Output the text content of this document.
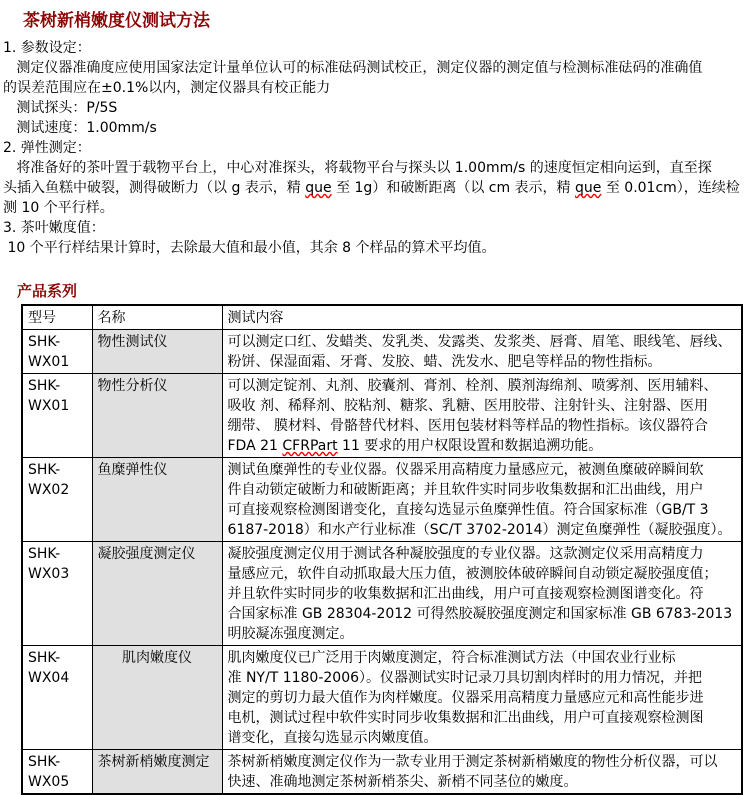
茶树新梢嫩度仪测试方法
1. 参数设定：
测定仪器准确度应使用国家法定计量单位认可的标准砝码测试校正，测定仪器的测定值与检测标准砝码的准确值
的误差范围应在±0.1%以内，测定仪器具有校正能力
测试探头：P/5S
测试速度：1.00mm/s
2. 弹性测定：
将准备好的茶叶置于载物平台上，中心对准探头，将载物平台与探头以 1.00mm/s 的速度恒定相向运到，直至探
头插入鱼糕中破裂，测得破断力（以 g 表示，精 que 至 1g）和破断距离（以 cm 表示，精 que 至 0.01cm），连续检
测 10 个平行样。
3. 茶叶嫩度值：
10 个平行样结果计算时，去除最大值和最小值，其余 8 个样品的算术平均值。
产品系列
型号	名称	测试内容
SHK-WX01	物性测试仪	可以测定口红、发蜡类、发乳类、发露类、发浆类、唇膏、眉笔、眼线笔、唇线、
粉饼、保湿面霜、牙膏、发胶、蜡、洗发水、肥皂等样品的物性指标。
SHK-WX01	物性分析仪	可以测定锭剂、丸剂、胶囊剂、膏剂、栓剂、膜剂海绵剂、喷雾剂、医用辅料、
吸收 剂、稀释剂、胶粘剂、糖浆、乳糖、医用胶带、注射针头、注射器、医用
绷带、 膜材料、骨骼替代材料、医用包装材料等样品的物性指标。该仪器符合
FDA 21 CFRPart 11 要求的用户权限设置和数据追溯功能。
SHK-WX02	鱼糜弹性仪	测试鱼糜弹性的专业仪器。仪器采用高精度力量感应元，被测鱼糜破碎瞬间软
件自动锁定破断力和破断距离；并且软件实时同步收集数据和汇出曲线，用户
可直接观察检测图谱变化，直接勾选显示鱼糜弹性值。符合国家标准（GB/T 3
6187-2018）和水产行业标准（SC/T 3702-2014）测定鱼糜弹性（凝胶强度）。
SHK-WX03	凝胶强度测定仪	凝胶强度测定仪用于测试各种凝胶强度的专业仪器。这款测定仪采用高精度力
量感应元，软件自动抓取最大压力值，被测胶体破碎瞬间自动锁定凝胶强度值；
并且软件实时同步的收集数据和汇出曲线，用户可直接观察检测图谱变化。符
合国家标准 GB 28304-2012 可得然胶凝胶强度测定和国家标准 GB 6783-2013
明胶凝冻强度测定。
SHK-WX04	肌肉嫩度仪	肌肉嫩度仪已广泛用于肉嫩度测定，符合标准测试方法（中国农业行业标
准 NY/T 1180-2006）。仪器测试实时记录刀具切割肉样时的用力情况，并把
测定的剪切力最大值作为肉样嫩度。仪器采用高精度力量感应元和高性能步进
电机，测试过程中软件实时同步收集数据和汇出曲线，用户可直接观察检测图
谱变化，直接勾选显示肉嫩度值。
SHK-WX05	茶树新梢嫩度测定	茶树新梢嫩度测定仪作为一款专业用于测定茶树新梢嫩度的物性分析仪器，可以
快速、准确地测定茶树新梢茶尖、新梢不同茎位的嫩度。
